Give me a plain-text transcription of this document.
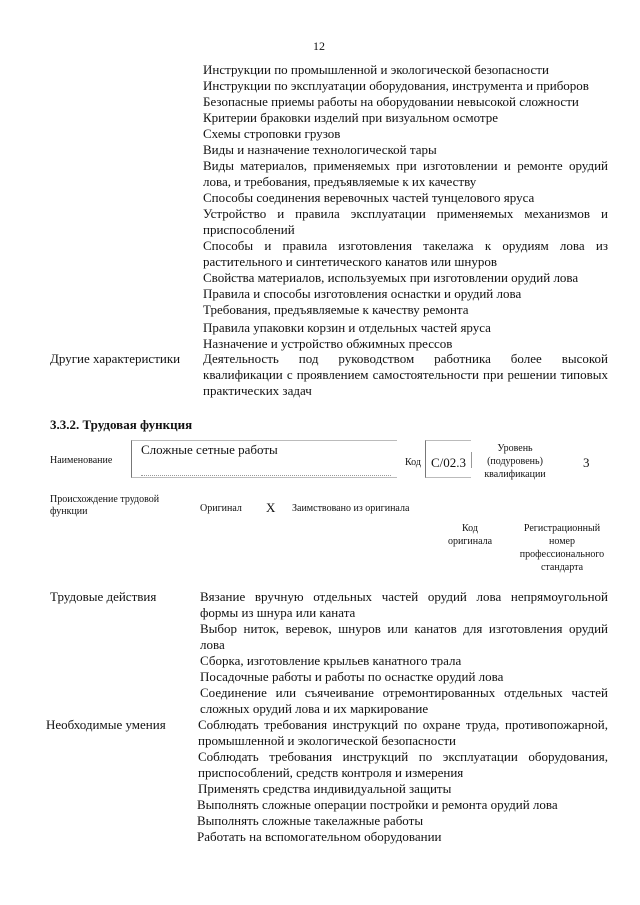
12
Инструкции по промышленной и экологической безопасности
Инструкции по эксплуатации оборудования, инструмента и приборов
Безопасные приемы работы на оборудовании невысокой сложности
Критерии браковки изделий при визуальном осмотре
Схемы строповки грузов
Виды и назначение технологической тары
Виды материалов, применяемых при изготовлении и ремонте орудий
лова, и требования, предъявляемые к их качеству
Способы соединения веревочных частей тунцелового яруса
Устройство и правила эксплуатации применяемых механизмов и
приспособлений
Способы и правила изготовления такелажа к орудиям лова из
растительного и синтетического канатов или шнуров
Свойства материалов, используемых при изготовлении орудий лова
Правила и способы изготовления оснастки и орудий лова
Требования, предъявляемые к качеству ремонта
Правила упаковки корзин и отдельных частей яруса
Назначение и устройство обжимных прессов
Другие характеристики Деятельность под руководством работника более высокой
квалификации с проявлением самостоятельности при решении типовых
практических задач
3.3.2. Трудовая функция
Наименование
Сложные сетные работы
Код C/02.3
Уровень
(подуровень)
квалификации
3
Происхождение трудовой
функции	Оригинал X Заимствовано из оригинала
Код
оригинала
Регистрационный
номер
профессионального
стандарта
Трудовые действия	Вязание вручную отдельных частей орудий лова непрямоугольной
формы из шнура или каната
Выбор ниток, веревок, шнуров или канатов для изготовления орудий
лова
Сборка, изготовление крыльев канатного трала
Посадочные работы и работы по оснастке орудий лова
Соединение или съячеивание отремонтированных отдельных частей
сложных орудий лова и их маркирование
Необходимые умения Соблюдать требования инструкций по охране труда, противопожарной,
промышленной и экологической безопасности
Соблюдать требования инструкций по эксплуатации оборудования,
приспособлений, средств контроля и измерения
Применять средства индивидуальной защиты
Выполнять сложные операции постройки и ремонта орудий лова
Выполнять сложные такелажные работы
Работать на вспомогательном оборудовании
